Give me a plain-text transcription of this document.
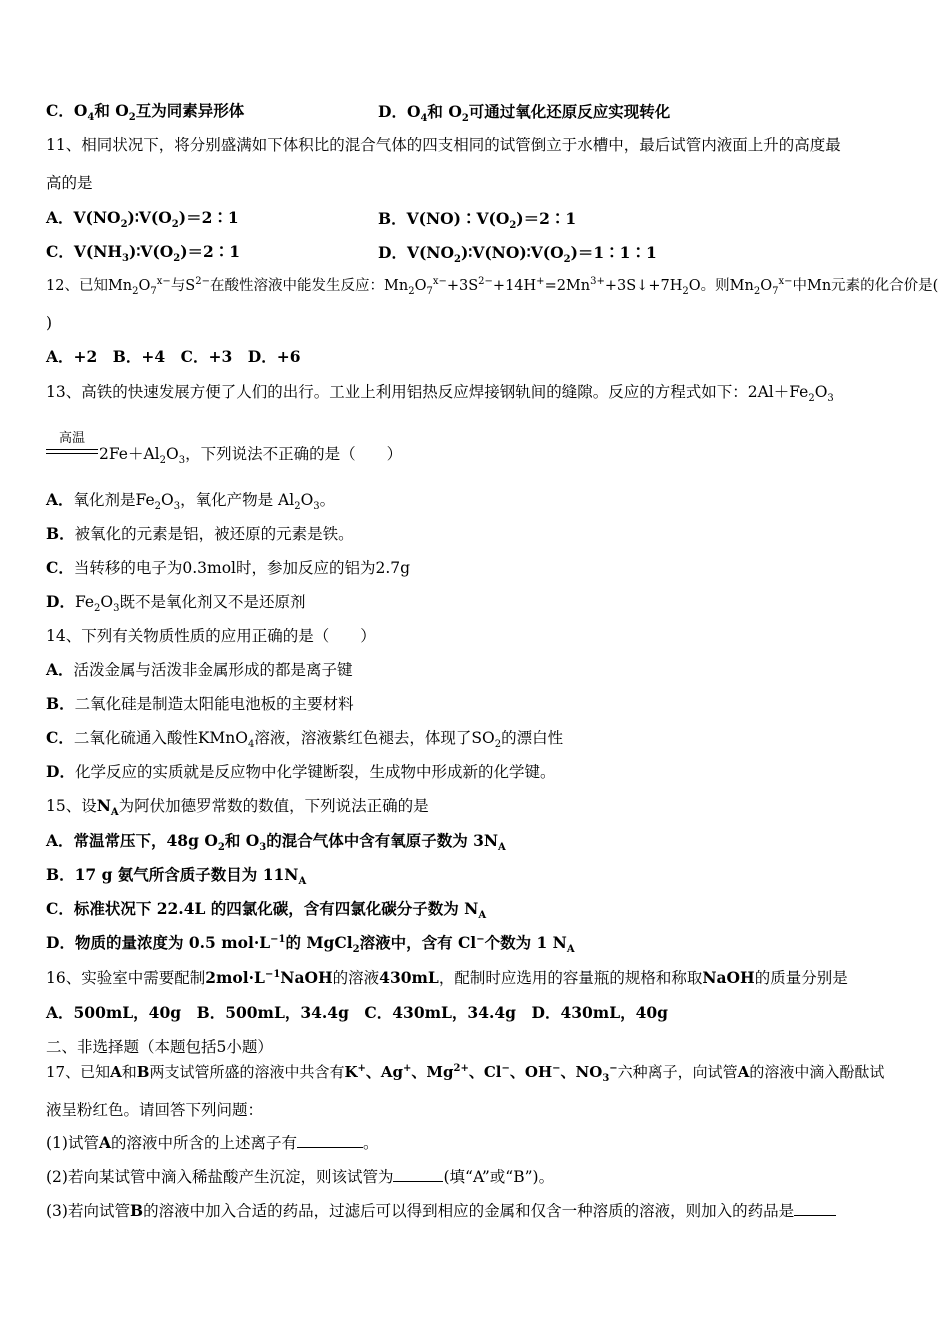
C．$O_4$和 $O_2$互为同素异形体	D．$O_4$和 $O_2$可通过氧化还原反应实现转化
11、相同状况下，将分别盛满如下体积比的混合气体的四支相同的试管倒立于水槽中，最后试管内液面上升的高度最
高的是
A．$V(NO_2)∶V(O_2)=2∶1$	B．$V(NO)∶V(O_2)=2∶1$
C．$V(NH_3)∶V(O_2)=2∶1$	D．$V(NO_2)∶V(NO)∶V(O_2)=1∶1∶1$
12、已知$Mn_2O_7^{x-}$与$S^{2-}$在酸性溶液中能发生反应：$Mn_2O_7^{x-}+3S^{2-}+14H^+=2Mn^{3+}+3S↓+7H_2O$。则$Mn_2O_7^{x-}$中Mn元素的化合价是(
)
A．+2　B．+4　C．+3　D．+6
13、高铁的快速发展方便了人们的出行。工业上利用铝热反应焊接钢轨间的缝隙。反应的方程式如下：$2Al+Fe_2O_3$
高温
$2Fe+Al_2O_3$，下列说法不正确的是（　　）
A．氧化剂是$Fe_2O_3$，氧化产物是 $Al_2O_3$。
B．被氧化的元素是铝，被还原的元素是铁。
C．当转移的电子为0.3mol时，参加反应的铝为2.7g
D．$Fe_2O_3$既不是氧化剂又不是还原剂
14、下列有关物质性质的应用正确的是（　　）
A．活泼金属与活泼非金属形成的都是离子键
B．二氧化硅是制造太阳能电池板的主要材料
C．二氧化硫通入酸性KMnO$_4$溶液，溶液紫红色褪去，体现了$SO_2$的漂白性
D．化学反应的实质就是反应物中化学键断裂，生成物中形成新的化学键。
15、设$N_A$为阿伏加德罗常数的数值，下列说法正确的是
A．常温常压下，48g $O_2$和 $O_3$的混合气体中含有氧原子数为 $3N_A$
B．17 g 氨气所含质子数目为 $11N_A$
C．标准状况下 22.4L 的四氯化碳，含有四氯化碳分子数为 $N_A$
D．物质的量浓度为 0.5 $mol\cdot L^{-1}$的 MgCl$_2$溶液中，含有 Cl−个数为 1 $N_A$
16、实验室中需要配制$2mol\cdot L^{-1}NaOH$的溶液430mL，配制时应选用的容量瓶的规格和称取NaOH的质量分别是
A．500mL，40g　B．500mL，34.4g　C．430mL，34.4g　D．430mL，40g
二、非选择题（本题包括5小题）
17、已知A和B两支试管所盛的溶液中共含有K+、Ag+、$Mg^{2+}$、Cl−、OH−、$NO_3^-$六种离子，向试管A的溶液中滴入酚酞试
液呈粉红色。请回答下列问题：
(1)试管A的溶液中所含的上述离子有	。
(2)若向某试管中滴入稀盐酸产生沉淀，则该试管为	(填“A”或“B”)。
(3)若向试管B的溶液中加入合适的药品，过滤后可以得到相应的金属和仅含一种溶质的溶液，则加入的药品是
